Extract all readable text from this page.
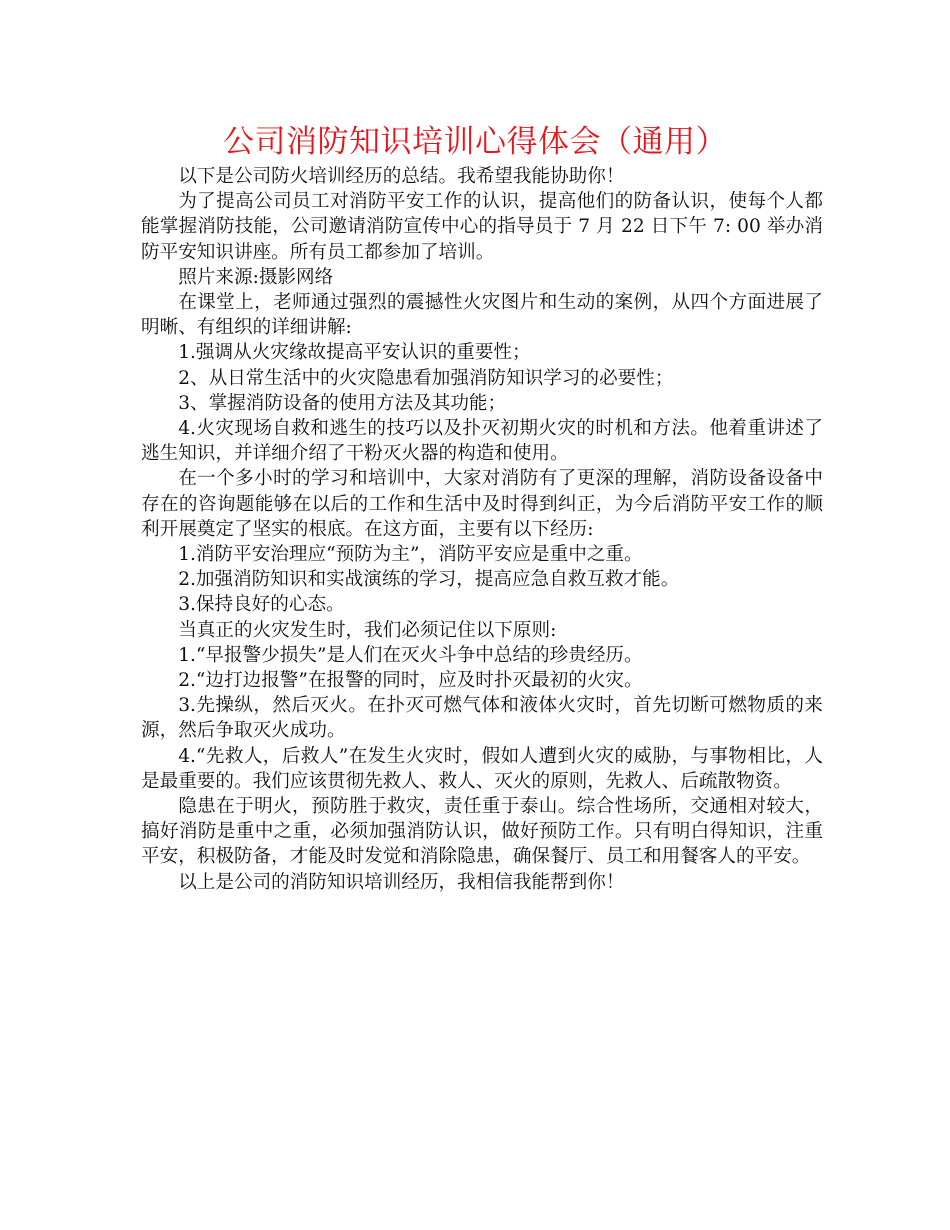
公司消防知识培训心得体会（通用）

以下是公司防火培训经历的总结。我希望我能协助你！

为了提高公司员工对消防平安工作的认识，提高他们的防备认识，使每个人都能掌握消防技能，公司邀请消防宣传中心的指导员于 7 月 22 日下午 7: 00 举办消防平安知识讲座。所有员工都参加了培训。

照片来源:摄影网络

在课堂上，老师通过强烈的震撼性火灾图片和生动的案例，从四个方面进展了明晰、有组织的详细讲解:

1.强调从火灾缘故提高平安认识的重要性；

2、从日常生活中的火灾隐患看加强消防知识学习的必要性；

3、掌握消防设备的使用方法及其功能；

4.火灾现场自救和逃生的技巧以及扑灭初期火灾的时机和方法。他着重讲述了逃生知识，并详细介绍了干粉灭火器的构造和使用。

在一个多小时的学习和培训中，大家对消防有了更深的理解，消防设备设备中存在的咨询题能够在以后的工作和生活中及时得到纠正，为今后消防平安工作的顺利开展奠定了坚实的根底。在这方面，主要有以下经历:

1.消防平安治理应“预防为主”，消防平安应是重中之重。

2.加强消防知识和实战演练的学习，提高应急自救互救才能。

3.保持良好的心态。

当真正的火灾发生时，我们必须记住以下原则:

1.“早报警少损失”是人们在灭火斗争中总结的珍贵经历。

2.“边打边报警”在报警的同时，应及时扑灭最初的火灾。

3.先操纵，然后灭火。在扑灭可燃气体和液体火灾时，首先切断可燃物质的来源，然后争取灭火成功。

4.“先救人，后救人”在发生火灾时，假如人遭到火灾的威胁，与事物相比，人是最重要的。我们应该贯彻先救人、救人、灭火的原则，先救人、后疏散物资。

隐患在于明火，预防胜于救灾，责任重于泰山。综合性场所，交通相对较大，搞好消防是重中之重，必须加强消防认识，做好预防工作。只有明白得知识，注重平安，积极防备，才能及时发觉和消除隐患，确保餐厅、员工和用餐客人的平安。

以上是公司的消防知识培训经历，我相信我能帮到你！
